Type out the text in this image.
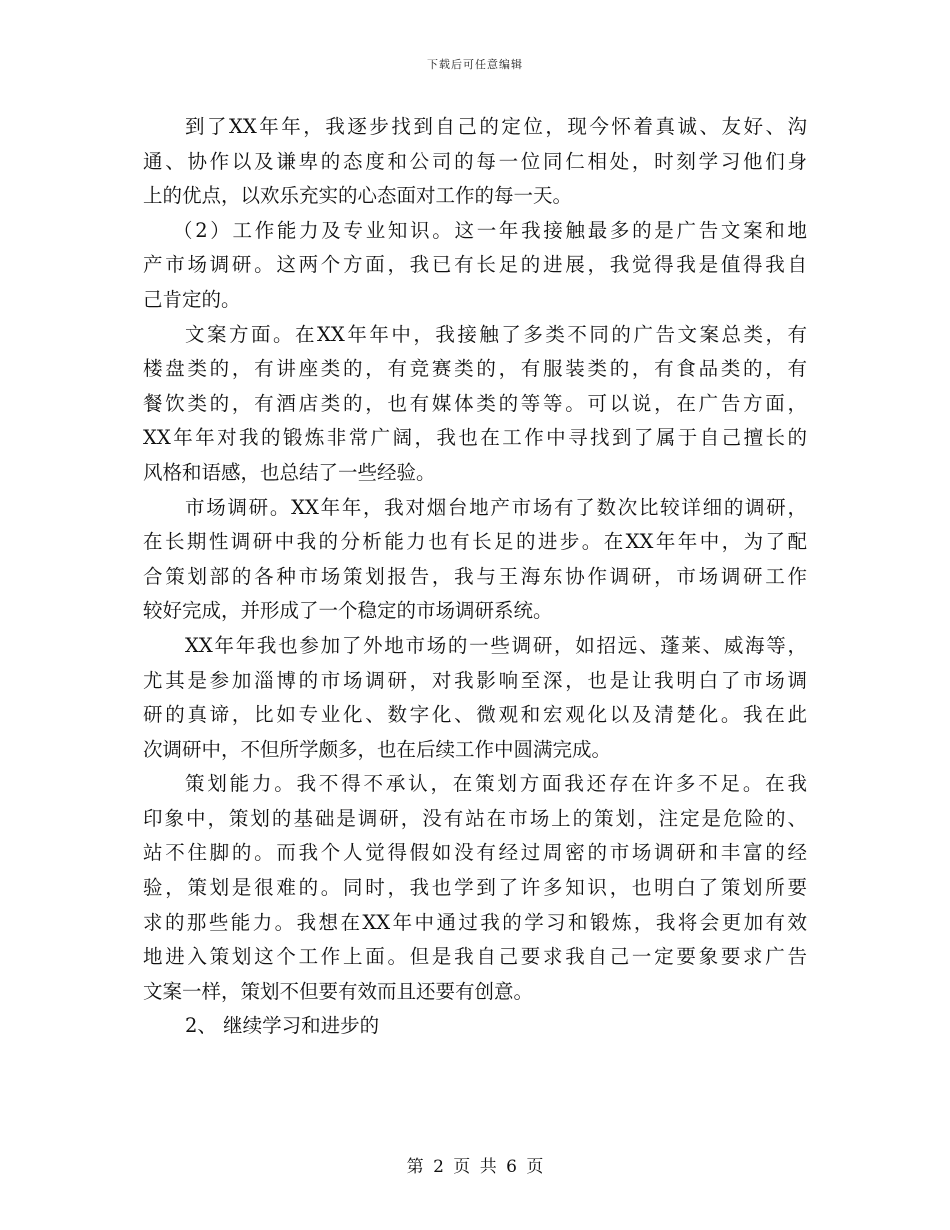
下载后可任意编辑
到了XX年年，我逐步找到自己的定位，现今怀着真诚、友好、沟
通、协作以及谦卑的态度和公司的每一位同仁相处，时刻学习他们身
上的优点，以欢乐充实的心态面对工作的每一天。
（2）工作能力及专业知识。这一年我接触最多的是广告文案和地
产市场调研。这两个方面，我已有长足的进展，我觉得我是值得我自
己肯定的。
文案方面。在XX年年中，我接触了多类不同的广告文案总类，有
楼盘类的，有讲座类的，有竞赛类的，有服装类的，有食品类的，有
餐饮类的，有酒店类的，也有媒体类的等等。可以说，在广告方面，
XX年年对我的锻炼非常广阔，我也在工作中寻找到了属于自己擅长的
风格和语感，也总结了一些经验。
市场调研。XX年年，我对烟台地产市场有了数次比较详细的调研，
在长期性调研中我的分析能力也有长足的进步。在XX年年中，为了配
合策划部的各种市场策划报告，我与王海东协作调研，市场调研工作
较好完成，并形成了一个稳定的市场调研系统。
XX年年我也参加了外地市场的一些调研，如招远、蓬莱、威海等，
尤其是参加淄博的市场调研，对我影响至深，也是让我明白了市场调
研的真谛，比如专业化、数字化、微观和宏观化以及清楚化。我在此
次调研中，不但所学颇多，也在后续工作中圆满完成。
策划能力。我不得不承认，在策划方面我还存在许多不足。在我
印象中，策划的基础是调研，没有站在市场上的策划，注定是危险的、
站不住脚的。而我个人觉得假如没有经过周密的市场调研和丰富的经
验，策划是很难的。同时，我也学到了许多知识，也明白了策划所要
求的那些能力。我想在XX年中通过我的学习和锻炼，我将会更加有效
地进入策划这个工作上面。但是我自己要求我自己一定要象要求广告
文案一样，策划不但要有效而且还要有创意。
2、 继续学习和进步的
第 2 页 共 6 页
